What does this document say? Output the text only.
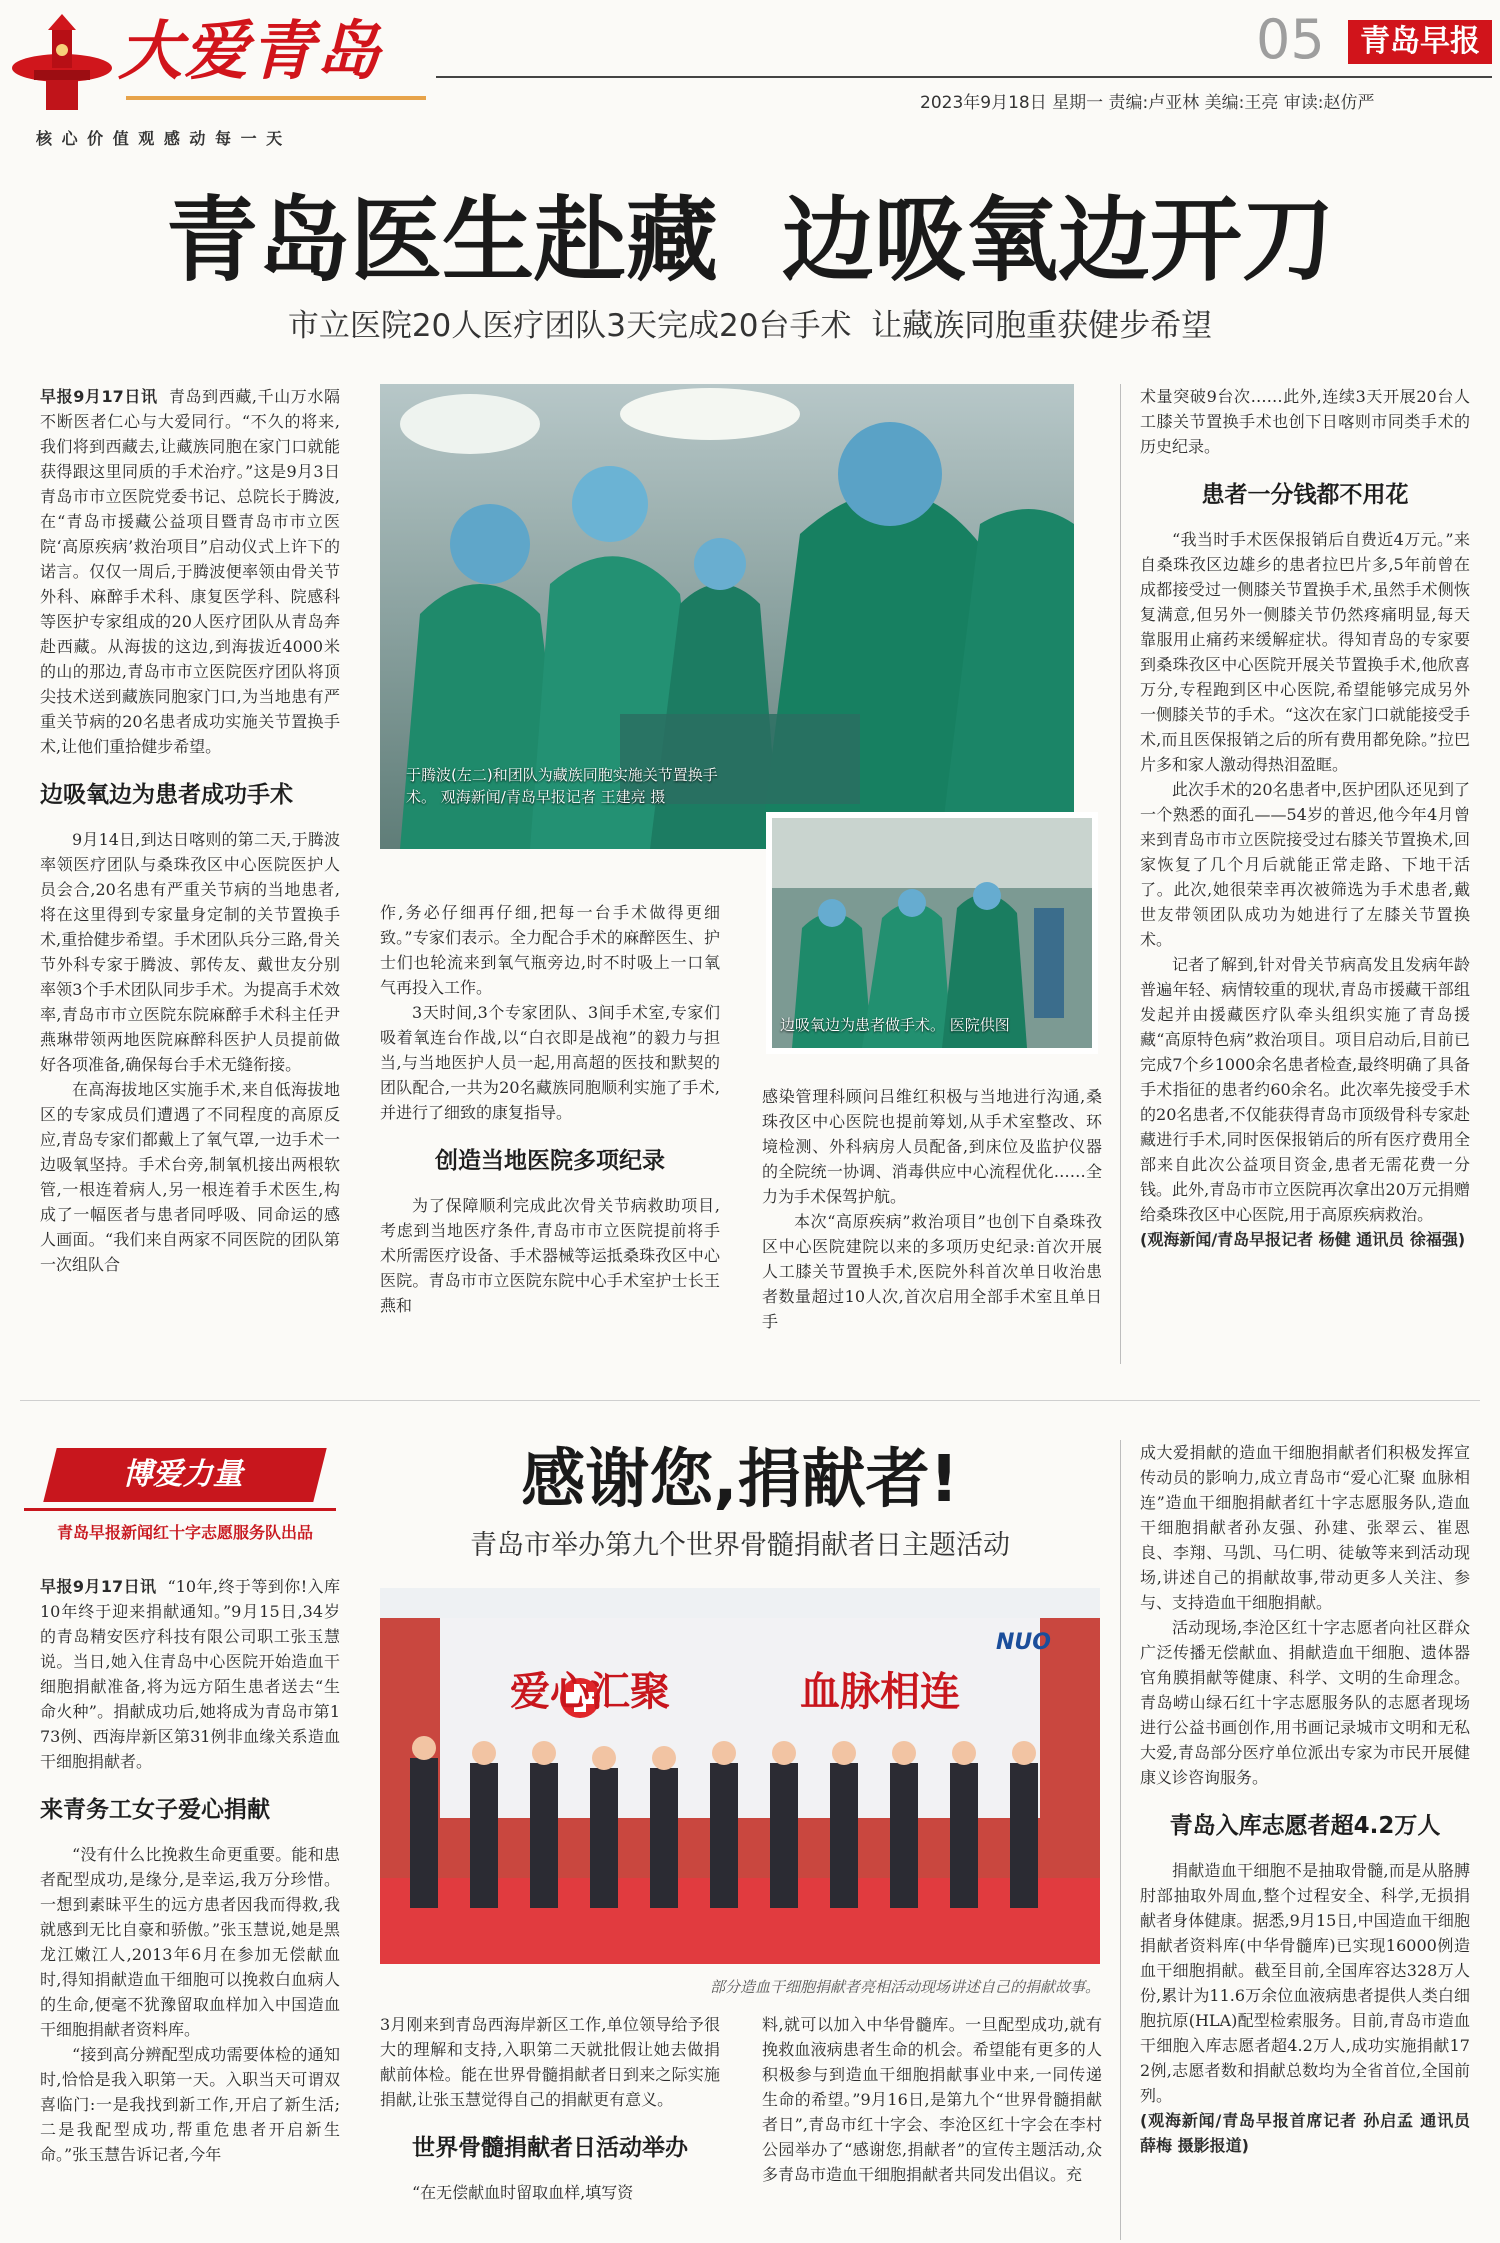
大爱青岛
核 心 价 值 观 感 动 每 一 天
05	青岛早报
2023年9月18日 星期一 责编:卢亚林 美编:王亮 审读:赵仿严
青岛医生赴藏  边吸氧边开刀
市立医院20人医疗团队3天完成20台手术  让藏族同胞重获健步希望

早报9月17日讯 青岛到西藏,千山万水隔不断医者仁心与大爱同行。“不久的将来,我们将到西藏去,让藏族同胞在家门口就能获得跟这里同质的手术治疗。”这是9月3日青岛市市立医院党委书记、总院长于腾波,在“青岛市援藏公益项目暨青岛市市立医院‘高原疾病’救治项目”启动仪式上许下的诺言。仅仅一周后,于腾波便率领由骨关节外科、麻醉手术科、康复医学科、院感科等医护专家组成的20人医疗团队从青岛奔赴西藏。从海拔的这边,到海拔近4000米的山的那边,青岛市市立医院医疗团队将顶尖技术送到藏族同胞家门口,为当地患有严重关节病的20名患者成功实施关节置换手术,让他们重拾健步希望。

边吸氧边为患者成功手术

9月14日,到达日喀则的第二天,于腾波率领医疗团队与桑珠孜区中心医院医护人员会合,20名患有严重关节病的当地患者,将在这里得到专家量身定制的关节置换手术,重拾健步希望。手术团队兵分三路,骨关节外科专家于腾波、郭传友、戴世友分别率领3个手术团队同步手术。为提高手术效率,青岛市市立医院东院麻醉手术科主任尹燕琳带领两地医院麻醉科医护人员提前做好各项准备,确保每台手术无缝衔接。

在高海拔地区实施手术,来自低海拔地区的专家成员们遭遇了不同程度的高原反应,青岛专家们都戴上了氧气罩,一边手术一边吸氧坚持。手术台旁,制氧机接出两根软管,一根连着病人,另一根连着手术医生,构成了一幅医者与患者同呼吸、同命运的感人画面。“我们来自两家不同医院的团队第一次组队合

于腾波(左二)和团队为藏族同胞实施关节置换手术。 观海新闻/青岛早报记者 王建亮 摄

作,务必仔细再仔细,把每一台手术做得更细致。”专家们表示。全力配合手术的麻醉医生、护士们也轮流来到氧气瓶旁边,时不时吸上一口氧气再投入工作。

3天时间,3个专家团队、3间手术室,专家们吸着氧连台作战,以“白衣即是战袍”的毅力与担当,与当地医护人员一起,用高超的医技和默契的团队配合,一共为20名藏族同胞顺利实施了手术,并进行了细致的康复指导。

创造当地医院多项纪录

为了保障顺利完成此次骨关节病救助项目,考虑到当地医疗条件,青岛市市立医院提前将手术所需医疗设备、手术器械等运抵桑珠孜区中心医院。青岛市市立医院东院中心手术室护士长王燕和

边吸氧边为患者做手术。 医院供图

感染管理科顾问吕维红积极与当地进行沟通,桑珠孜区中心医院也提前筹划,从手术室整改、环境检测、外科病房人员配备,到床位及监护仪器的全院统一协调、消毒供应中心流程优化……全力为手术保驾护航。

本次“高原疾病”救治项目”也创下自桑珠孜区中心医院建院以来的多项历史纪录:首次开展人工膝关节置换手术,医院外科首次单日收治患者数量超过10人次,首次启用全部手术室且单日手

术量突破9台次……此外,连续3天开展20台人工膝关节置换手术也创下日喀则市同类手术的历史纪录。

患者一分钱都不用花

“我当时手术医保报销后自费近4万元。”来自桑珠孜区边雄乡的患者拉巴片多,5年前曾在成都接受过一侧膝关节置换手术,虽然手术侧恢复满意,但另外一侧膝关节仍然疼痛明显,每天靠服用止痛药来缓解症状。得知青岛的专家要到桑珠孜区中心医院开展关节置换手术,他欣喜万分,专程跑到区中心医院,希望能够完成另外一侧膝关节的手术。“这次在家门口就能接受手术,而且医保报销之后的所有费用都免除。”拉巴片多和家人激动得热泪盈眶。

此次手术的20名患者中,医护团队还见到了一个熟悉的面孔——54岁的普迟,他今年4月曾来到青岛市市立医院接受过右膝关节置换术,回家恢复了几个月后就能正常走路、下地干活了。此次,她很荣幸再次被筛选为手术患者,戴世友带领团队成功为她进行了左膝关节置换术。

记者了解到,针对骨关节病高发且发病年龄普遍年轻、病情较重的现状,青岛市援藏干部组发起并由援藏医疗队牵头组织实施了青岛援藏“高原特色病”救治项目。项目启动后,目前已完成7个乡1000余名患者检查,最终明确了具备手术指征的患者约60余名。此次率先接受手术的20名患者,不仅能获得青岛市顶级骨科专家赴藏进行手术,同时医保报销后的所有医疗费用全部来自此次公益项目资金,患者无需花费一分钱。此外,青岛市市立医院再次拿出20万元捐赠给桑珠孜区中心医院,用于高原疾病救治。

(观海新闻/青岛早报记者 杨健 通讯员 徐福强)

博爱力量
青岛早报新闻红十字志愿服务队出品
感谢您,捐献者!
青岛市举办第九个世界骨髓捐献者日主题活动

早报9月17日讯 “10年,终于等到你!入库10年终于迎来捐献通知。”9月15日,34岁的青岛精安医疗科技有限公司职工张玉慧说。当日,她入住青岛中心医院开始造血干细胞捐献准备,将为远方陌生患者送去“生命火种”。捐献成功后,她将成为青岛市第173例、西海岸新区第31例非血缘关系造血干细胞捐献者。

来青务工女子爱心捐献

“没有什么比挽救生命更重要。能和患者配型成功,是缘分,是幸运,我万分珍惜。一想到素昧平生的远方患者因我而得救,我就感到无比自豪和骄傲。”张玉慧说,她是黑龙江嫩江人,2013年6月在参加无偿献血时,得知捐献造血干细胞可以挽救白血病人的生命,便毫不犹豫留取血样加入中国造血干细胞捐献者资料库。

“接到高分辨配型成功需要体检的通知时,恰恰是我入职第一天。入职当天可谓双喜临门:一是我找到新工作,开启了新生活;二是我配型成功,帮重危患者开启新生命。”张玉慧告诉记者,今年

爱心汇聚	血脉相连
NUO
部分造血干细胞捐献者亮相活动现场讲述自己的捐献故事。

3月刚来到青岛西海岸新区工作,单位领导给予很大的理解和支持,入职第二天就批假让她去做捐献前体检。能在世界骨髓捐献者日到来之际实施捐献,让张玉慧觉得自己的捐献更有意义。

世界骨髓捐献者日活动举办

“在无偿献血时留取血样,填写资

料,就可以加入中华骨髓库。一旦配型成功,就有挽救血液病患者生命的机会。希望能有更多的人积极参与到造血干细胞捐献事业中来,一同传递生命的希望。”9月16日,是第九个“世界骨髓捐献者日”,青岛市红十字会、李沧区红十字会在李村公园举办了“感谢您,捐献者”的宣传主题活动,众多青岛市造血干细胞捐献者共同发出倡议。充

成大爱捐献的造血干细胞捐献者们积极发挥宣传动员的影响力,成立青岛市“爱心汇聚 血脉相连”造血干细胞捐献者红十字志愿服务队,造血干细胞捐献者孙友强、孙建、张翠云、崔恩良、李翔、马凯、马仁明、徒敏等来到活动现场,讲述自己的捐献故事,带动更多人关注、参与、支持造血干细胞捐献。

活动现场,李沧区红十字志愿者向社区群众广泛传播无偿献血、捐献造血干细胞、遗体器官角膜捐献等健康、科学、文明的生命理念。青岛崂山绿石红十字志愿服务队的志愿者现场进行公益书画创作,用书画记录城市文明和无私大爱,青岛部分医疗单位派出专家为市民开展健康义诊咨询服务。

青岛入库志愿者超4.2万人

捐献造血干细胞不是抽取骨髓,而是从胳膊肘部抽取外周血,整个过程安全、科学,无损捐献者身体健康。据悉,9月15日,中国造血干细胞捐献者资料库(中华骨髓库)已实现16000例造血干细胞捐献。截至目前,全国库容达328万人份,累计为11.6万余位血液病患者提供人类白细胞抗原(HLA)配型检索服务。目前,青岛市造血干细胞入库志愿者超4.2万人,成功实施捐献172例,志愿者数和捐献总数均为全省首位,全国前列。

(观海新闻/青岛早报首席记者 孙启孟 通讯员 薛梅 摄影报道)
